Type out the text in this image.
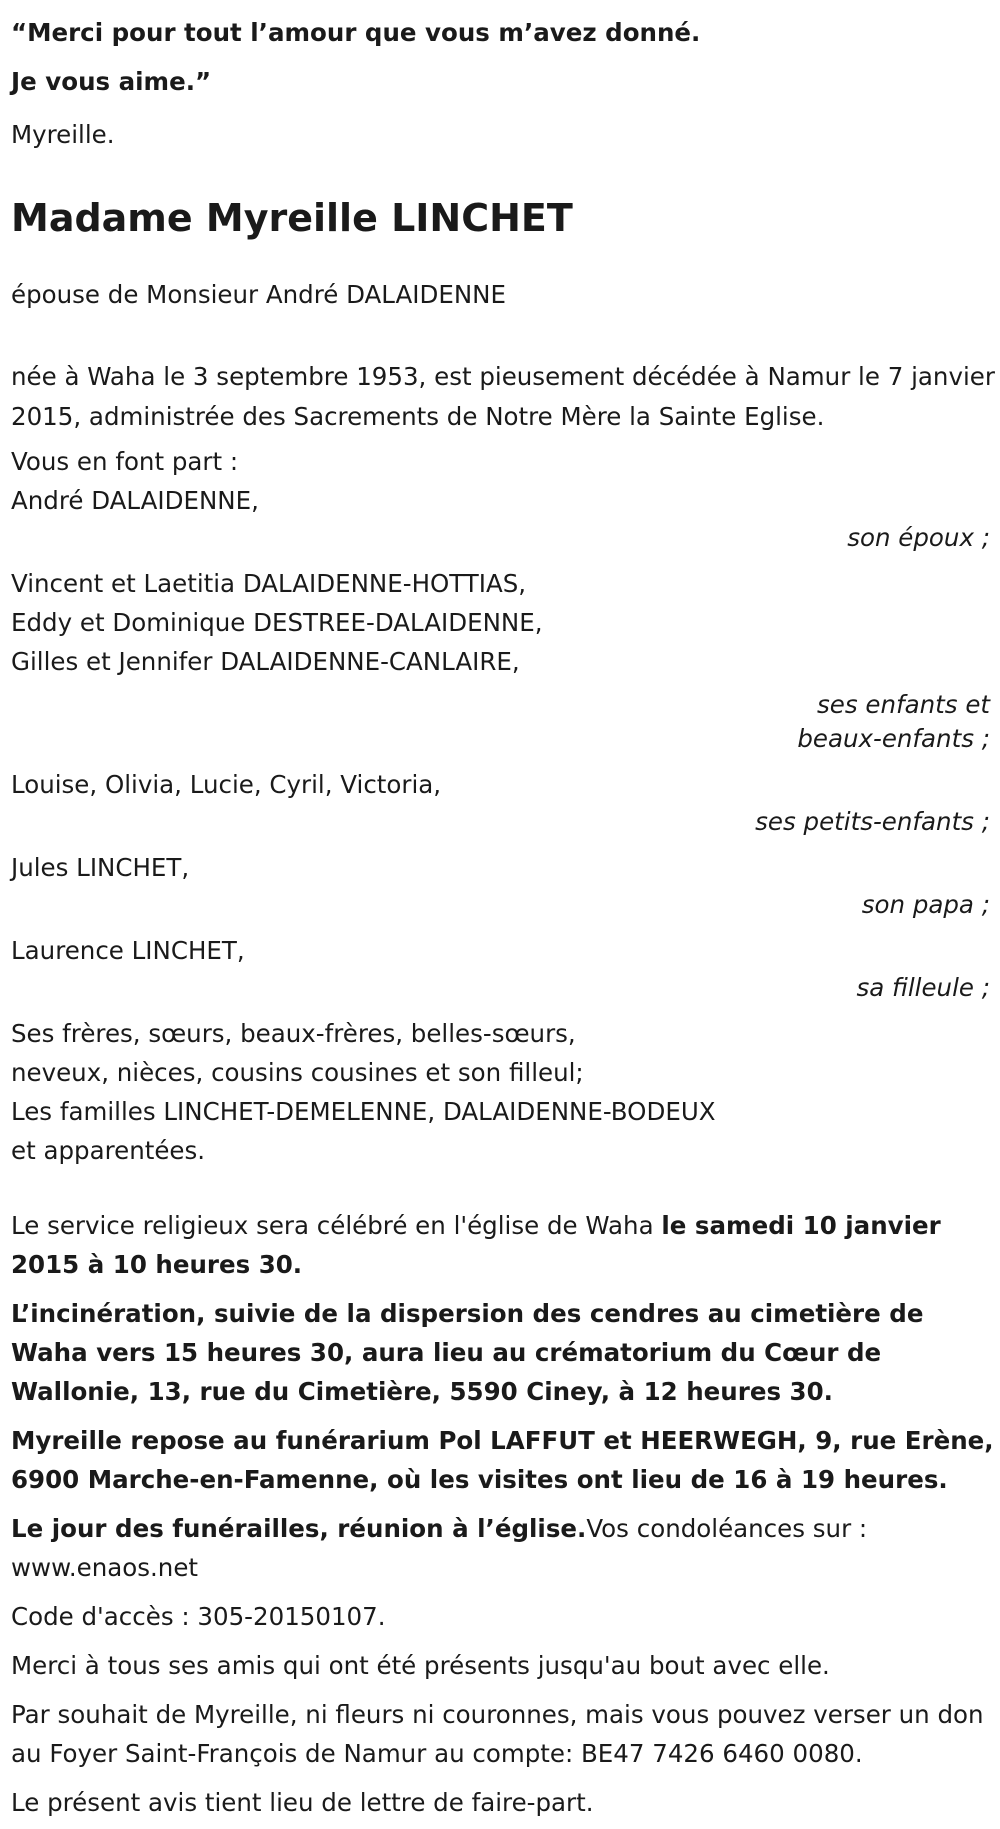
“Merci pour tout l’amour que vous m’avez donné.

Je vous aime.”

Myreille.

Madame Myreille LINCHET

épouse de Monsieur André DALAIDENNE

née à Waha le 3 septembre 1953, est pieusement décédée à Namur le 7 janvier 2015, administrée des Sacrements de Notre Mère la Sainte Eglise.

Vous en font part :
André DALAIDENNE,
son époux ;
Vincent et Laetitia DALAIDENNE-HOTTIAS,
Eddy et Dominique DESTREE-DALAIDENNE,
Gilles et Jennifer DALAIDENNE-CANLAIRE,
ses enfants et
beaux-enfants ;
Louise, Olivia, Lucie, Cyril, Victoria,
ses petits-enfants ;
Jules LINCHET,
son papa ;
Laurence LINCHET,
sa filleule ;
Ses frères, sœurs, beaux-frères, belles-sœurs,
neveux, nièces, cousins cousines et son filleul;
Les familles LINCHET-DEMELENNE, DALAIDENNE-BODEUX
et apparentées.

Le service religieux sera célébré en l'église de Waha le samedi 10 janvier 2015 à 10 heures 30.

L’incinération, suivie de la dispersion des cendres au cimetière de Waha vers 15 heures 30, aura lieu au crématorium du Cœur de Wallonie, 13, rue du Cimetière, 5590 Ciney, à 12 heures 30.

Myreille repose au funérarium Pol LAFFUT et HEERWEGH, 9, rue Erène, 6900 Marche-en-Famenne, où les visites ont lieu de 16 à 19 heures.

Le jour des funérailles, réunion à l’église.Vos condoléances sur : www.enaos.net

Code d'accès : 305-20150107.

Merci à tous ses amis qui ont été présents jusqu'au bout avec elle.

Par souhait de Myreille, ni fleurs ni couronnes, mais vous pouvez verser un don au Foyer Saint-François de Namur au compte: BE47 7426 6460 0080.

Le présent avis tient lieu de lettre de faire-part.
